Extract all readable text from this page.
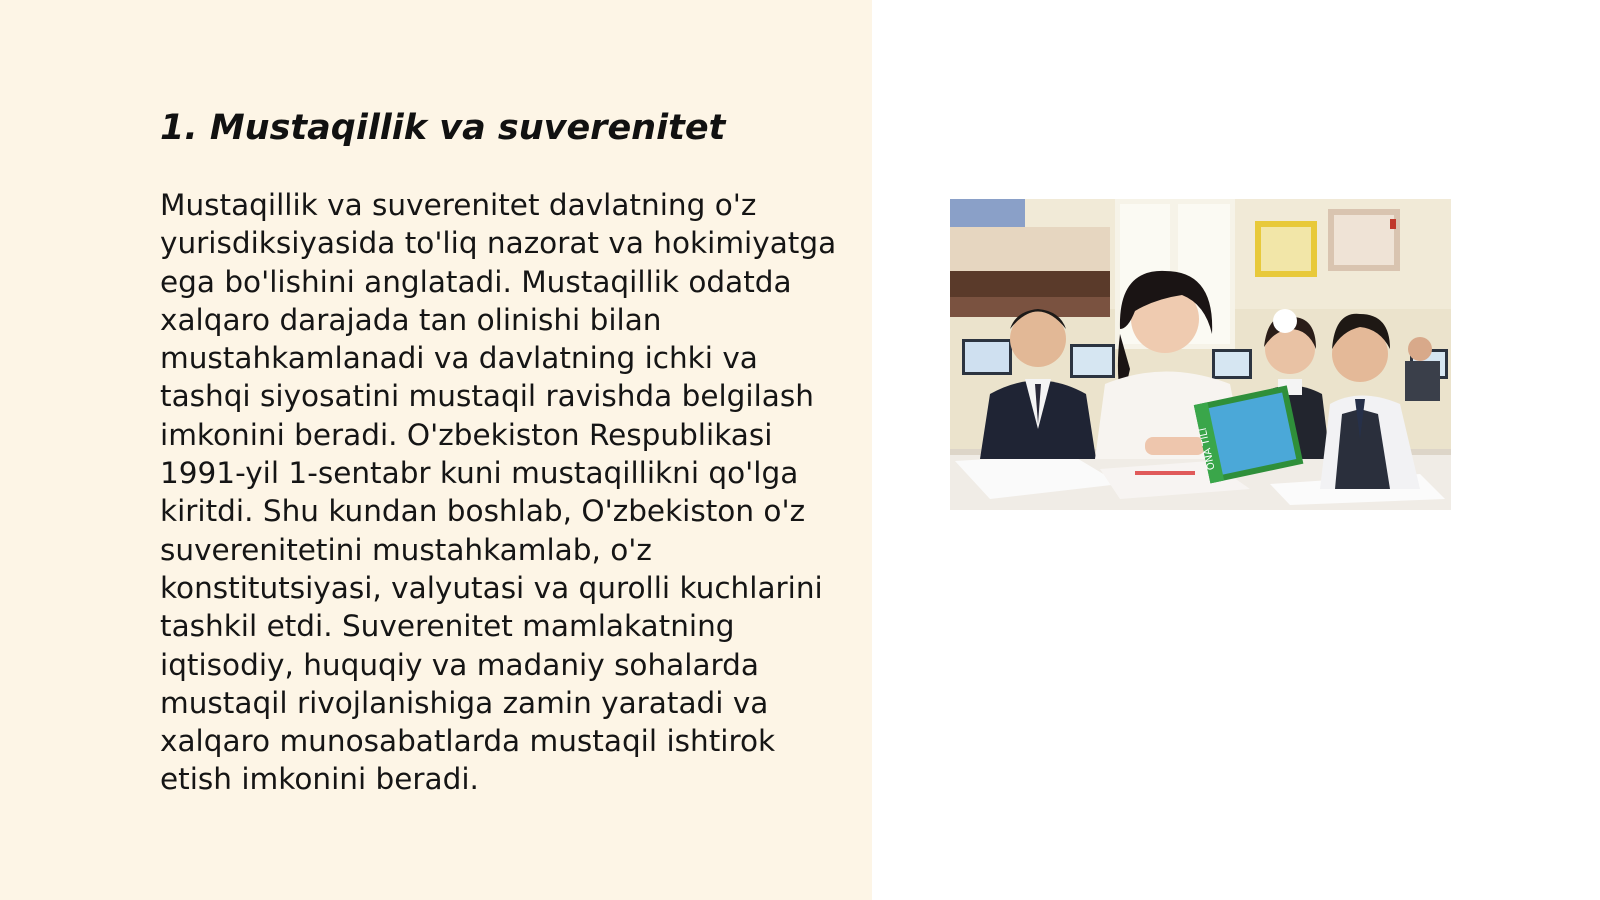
1. Mustaqillik va suverenitet

Mustaqillik va suverenitet davlatning o'z yurisdiksiyasida to'liq nazorat va hokimiyatga ega bo'lishini anglatadi. Mustaqillik odatda xalqaro darajada tan olinishi bilan mustahkamlanadi va davlatning ichki va tashqi siyosatini mustaqil ravishda belgilash imkonini beradi. O'zbekiston Respublikasi 1991-yil 1-sentabr kuni mustaqillikni qo'lga kiritdi. Shu kundan boshlab, O'zbekiston o'z suverenitetini mustahkamlab, o'z konstitutsiyasi, valyutasi va qurolli kuchlarini tashkil etdi. Suverenitet mamlakatning iqtisodiy, huquqiy va madaniy sohalarda mustaqil rivojlanishiga zamin yaratadi va xalqaro munosabatlarda mustaqil ishtirok etish imkonini beradi.

ONA TILI
